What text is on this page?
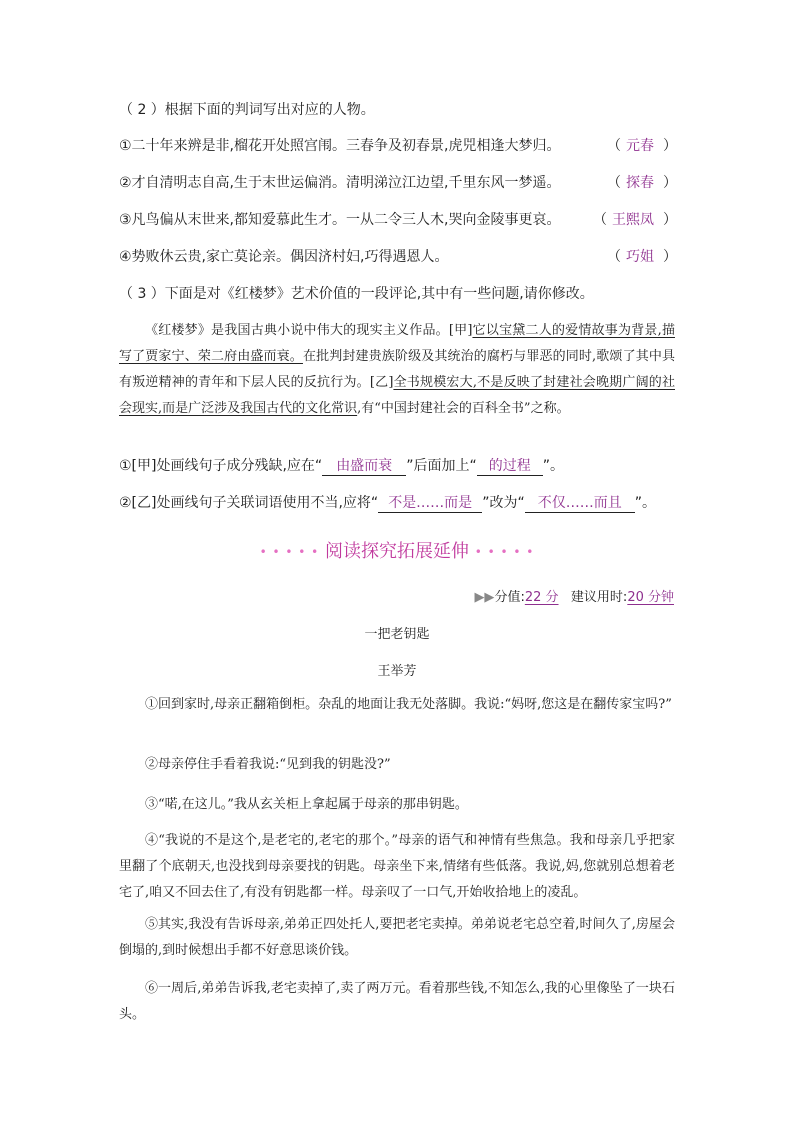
（ 2 ）根据下面的判词写出对应的人物。
①二十年来辨是非,榴花开处照宫闱。三春争及初春景,虎兕相逢大梦归。	（ 元春 ）
②才自清明志自高,生于末世运偏消。清明涕泣江边望,千里东风一梦遥。	（ 探春 ）
③凡鸟偏从末世来,都知爱慕此生才。一从二令三人木,哭向金陵事更哀。 （ 王熙凤 ）
④势败休云贵,家亡莫论亲。偶因济村妇,巧得遇恩人。	（ 巧姐 ）
（ 3 ）下面是对《红楼梦》艺术价值的一段评论,其中有一些问题,请你修改。
《红楼梦》是我国古典小说中伟大的现实主义作品。[甲]它以宝黛二人的爱情故事为背景,描写了贾家宁、荣二府由盛而衰。在批判封建贵族阶级及其统治的腐朽与罪恶的同时,歌颂了其中具有叛逆精神的青年和下层人民的反抗行为。[乙]全书规模宏大,不是反映了封建社会晚期广阔的社会现实,而是广泛涉及我国古代的文化常识,有“中国封建社会的百科全书”之称。
①[甲]处画线句子成分残缺,应在“ 由盛而衰 ”后面加上“ 的过程 ”。
②[乙]处画线句子关联词语使用不当,应将“ 不是……而是 ”改为“ 不仅……而且 ”。
• • • • • 阅读探究拓展延伸 • • • • •
▶▶分值:22 分 建议用时:20 分钟
一把老钥匙
王举芳
①回到家时,母亲正翻箱倒柜。杂乱的地面让我无处落脚。我说:“妈呀,您这是在翻传家宝吗?”
②母亲停住手看着我说:“见到我的钥匙没?”
③“喏,在这儿。”我从玄关柜上拿起属于母亲的那串钥匙。
④“我说的不是这个,是老宅的,老宅的那个。”母亲的语气和神情有些焦急。我和母亲几乎把家里翻了个底朝天,也没找到母亲要找的钥匙。母亲坐下来,情绪有些低落。我说,妈,您就别总想着老宅了,咱又不回去住了,有没有钥匙都一样。母亲叹了一口气,开始收拾地上的凌乱。
⑤其实,我没有告诉母亲,弟弟正四处托人,要把老宅卖掉。弟弟说老宅总空着,时间久了,房屋会倒塌的,到时候想出手都不好意思谈价钱。
⑥一周后,弟弟告诉我,老宅卖掉了,卖了两万元。看着那些钱,不知怎么,我的心里像坠了一块石头。
